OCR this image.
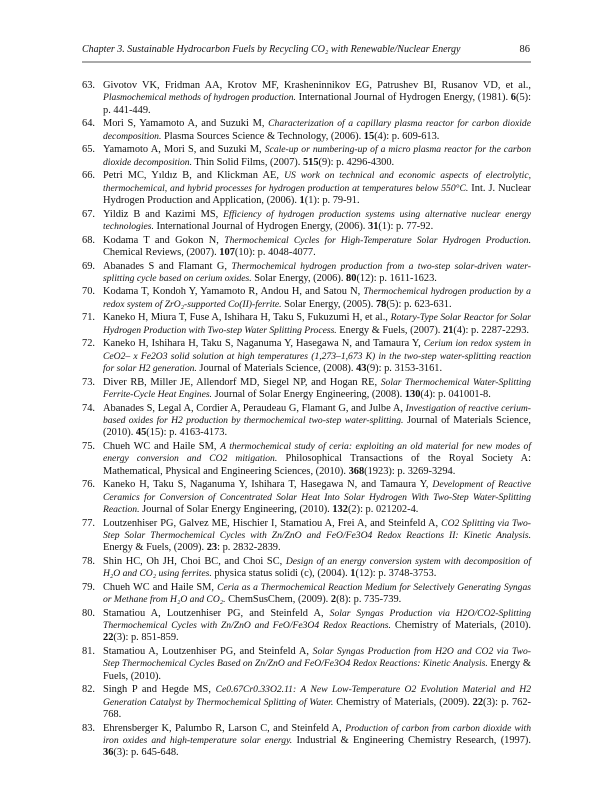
Chapter 3. Sustainable Hydrocarbon Fuels by Recycling CO₂ with Renewable/Nuclear Energy	86
63. Givotov VK, Fridman AA, Krotov MF, Krasheninnikov EG, Patrushev BI, Rusanov VD, et al., Plasmochemical methods of hydrogen production. International Journal of Hydrogen Energy, (1981). 6(5): p. 441-449.
64. Mori S, Yamamoto A, and Suzuki M, Characterization of a capillary plasma reactor for carbon dioxide decomposition. Plasma Sources Science & Technology, (2006). 15(4): p. 609-613.
65. Yamamoto A, Mori S, and Suzuki M, Scale-up or numbering-up of a micro plasma reactor for the carbon dioxide decomposition. Thin Solid Films, (2007). 515(9): p. 4296-4300.
66. Petri MC, Yıldız B, and Klickman AE, US work on technical and economic aspects of electrolytic, thermochemical, and hybrid processes for hydrogen production at temperatures below 550°C. Int. J. Nuclear Hydrogen Production and Application, (2006). 1(1): p. 79-91.
67. Yildiz B and Kazimi MS, Efficiency of hydrogen production systems using alternative nuclear energy technologies. International Journal of Hydrogen Energy, (2006). 31(1): p. 77-92.
68. Kodama T and Gokon N, Thermochemical Cycles for High-Temperature Solar Hydrogen Production. Chemical Reviews, (2007). 107(10): p. 4048-4077.
69. Abanades S and Flamant G, Thermochemical hydrogen production from a two-step solar-driven water-splitting cycle based on cerium oxides. Solar Energy, (2006). 80(12): p. 1611-1623.
70. Kodama T, Kondoh Y, Yamamoto R, Andou H, and Satou N, Thermochemical hydrogen production by a redox system of ZrO₂-supported Co(II)-ferrite. Solar Energy, (2005). 78(5): p. 623-631.
71. Kaneko H, Miura T, Fuse A, Ishihara H, Taku S, Fukuzumi H, et al., Rotary-Type Solar Reactor for Solar Hydrogen Production with Two-step Water Splitting Process. Energy & Fuels, (2007). 21(4): p. 2287-2293.
72. Kaneko H, Ishihara H, Taku S, Naganuma Y, Hasegawa N, and Tamaura Y, Cerium ion redox system in CeO2– x Fe2O3 solid solution at high temperatures (1,273–1,673 K) in the two-step water-splitting reaction for solar H2 generation. Journal of Materials Science, (2008). 43(9): p. 3153-3161.
73. Diver RB, Miller JE, Allendorf MD, Siegel NP, and Hogan RE, Solar Thermochemical Water-Splitting Ferrite-Cycle Heat Engines. Journal of Solar Energy Engineering, (2008). 130(4): p. 041001-8.
74. Abanades S, Legal A, Cordier A, Peraudeau G, Flamant G, and Julbe A, Investigation of reactive cerium-based oxides for H2 production by thermochemical two-step water-splitting. Journal of Materials Science, (2010). 45(15): p. 4163-4173.
75. Chueh WC and Haile SM, A thermochemical study of ceria: exploiting an old material for new modes of energy conversion and CO2 mitigation. Philosophical Transactions of the Royal Society A: Mathematical, Physical and Engineering Sciences, (2010). 368(1923): p. 3269-3294.
76. Kaneko H, Taku S, Naganuma Y, Ishihara T, Hasegawa N, and Tamaura Y, Development of Reactive Ceramics for Conversion of Concentrated Solar Heat Into Solar Hydrogen With Two-Step Water-Splitting Reaction. Journal of Solar Energy Engineering, (2010). 132(2): p. 021202-4.
77. Loutzenhiser PG, Galvez ME, Hischier I, Stamatiou A, Frei A, and Steinfeld A, CO2 Splitting via Two-Step Solar Thermochemical Cycles with Zn/ZnO and FeO/Fe3O4 Redox Reactions II: Kinetic Analysis. Energy & Fuels, (2009). 23: p. 2832-2839.
78. Shin HC, Oh JH, Choi BC, and Choi SC, Design of an energy conversion system with decomposition of H₂O and CO₂ using ferrites. physica status solidi (c), (2004). 1(12): p. 3748-3753.
79. Chueh WC and Haile SM, Ceria as a Thermochemical Reaction Medium for Selectively Generating Syngas or Methane from H₂O and CO₂. ChemSusChem, (2009). 2(8): p. 735-739.
80. Stamatiou A, Loutzenhiser PG, and Steinfeld A, Solar Syngas Production via H2O/CO2-Splitting Thermochemical Cycles with Zn/ZnO and FeO/Fe3O4 Redox Reactions. Chemistry of Materials, (2010). 22(3): p. 851-859.
81. Stamatiou A, Loutzenhiser PG, and Steinfeld A, Solar Syngas Production from H2O and CO2 via Two-Step Thermochemical Cycles Based on Zn/ZnO and FeO/Fe3O4 Redox Reactions: Kinetic Analysis. Energy & Fuels, (2010).
82. Singh P and Hegde MS, Ce0.67Cr0.33O2.11: A New Low-Temperature O2 Evolution Material and H2 Generation Catalyst by Thermochemical Splitting of Water. Chemistry of Materials, (2009). 22(3): p. 762-768.
83. Ehrensberger K, Palumbo R, Larson C, and Steinfeld A, Production of carbon from carbon dioxide with iron oxides and high-temperature solar energy. Industrial & Engineering Chemistry Research, (1997). 36(3): p. 645-648.
